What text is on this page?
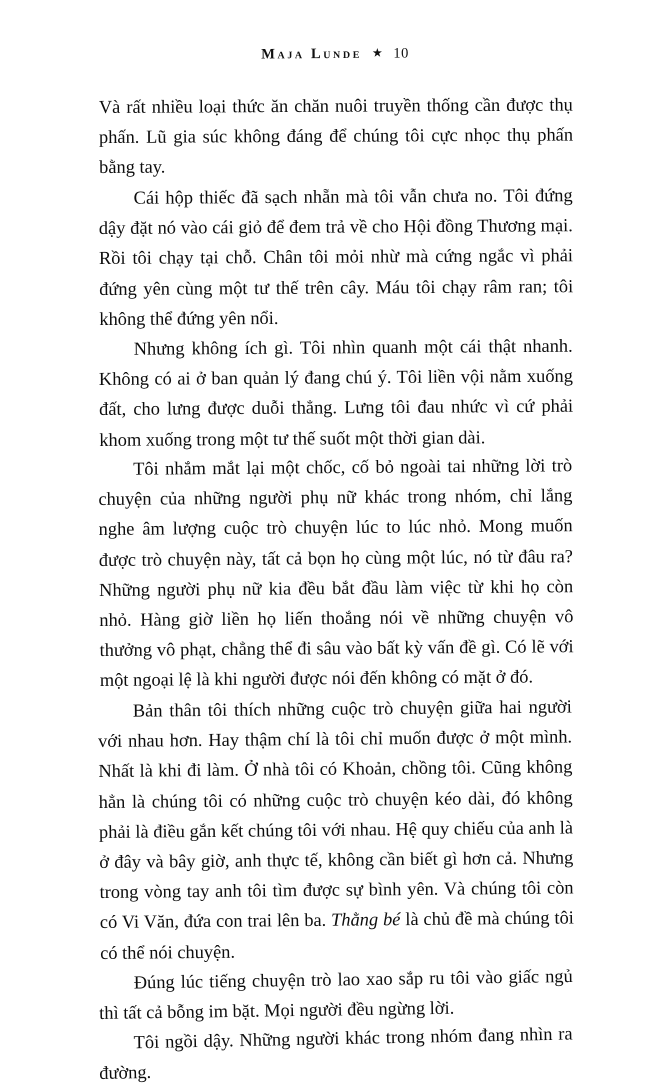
Maja Lunde ★ 10

Và rất nhiều loại thức ăn chăn nuôi truyền thống cần được thụ phấn. Lũ gia súc không đáng để chúng tôi cực nhọc thụ phấn bằng tay.

Cái hộp thiếc đã sạch nhẵn mà tôi vẫn chưa no. Tôi đứng dậy đặt nó vào cái giỏ để đem trả về cho Hội đồng Thương mại. Rồi tôi chạy tại chỗ. Chân tôi mỏi nhừ mà cứng ngắc vì phải đứng yên cùng một tư thế trên cây. Máu tôi chạy râm ran; tôi không thể đứng yên nổi.

Nhưng không ích gì. Tôi nhìn quanh một cái thật nhanh. Không có ai ở ban quản lý đang chú ý. Tôi liền vội nằm xuống đất, cho lưng được duỗi thẳng. Lưng tôi đau nhức vì cứ phải khom xuống trong một tư thế suốt một thời gian dài.

Tôi nhắm mắt lại một chốc, cố bỏ ngoài tai những lời trò chuyện của những người phụ nữ khác trong nhóm, chỉ lắng nghe âm lượng cuộc trò chuyện lúc to lúc nhỏ. Mong muốn được trò chuyện này, tất cả bọn họ cùng một lúc, nó từ đâu ra? Những người phụ nữ kia đều bắt đầu làm việc từ khi họ còn nhỏ. Hàng giờ liền họ liến thoắng nói về những chuyện vô thưởng vô phạt, chẳng thể đi sâu vào bất kỳ vấn đề gì. Có lẽ với một ngoại lệ là khi người được nói đến không có mặt ở đó.

Bản thân tôi thích những cuộc trò chuyện giữa hai người với nhau hơn. Hay thậm chí là tôi chỉ muốn được ở một mình. Nhất là khi đi làm. Ở nhà tôi có Khoản, chồng tôi. Cũng không hẳn là chúng tôi có những cuộc trò chuyện kéo dài, đó không phải là điều gắn kết chúng tôi với nhau. Hệ quy chiếu của anh là ở đây và bây giờ, anh thực tế, không cần biết gì hơn cả. Nhưng trong vòng tay anh tôi tìm được sự bình yên. Và chúng tôi còn có Vi Văn, đứa con trai lên ba. Thằng bé là chủ đề mà chúng tôi có thể nói chuyện.

Đúng lúc tiếng chuyện trò lao xao sắp ru tôi vào giấc ngủ thì tất cả bỗng im bặt. Mọi người đều ngừng lời.

Tôi ngồi dậy. Những người khác trong nhóm đang nhìn ra đường.
